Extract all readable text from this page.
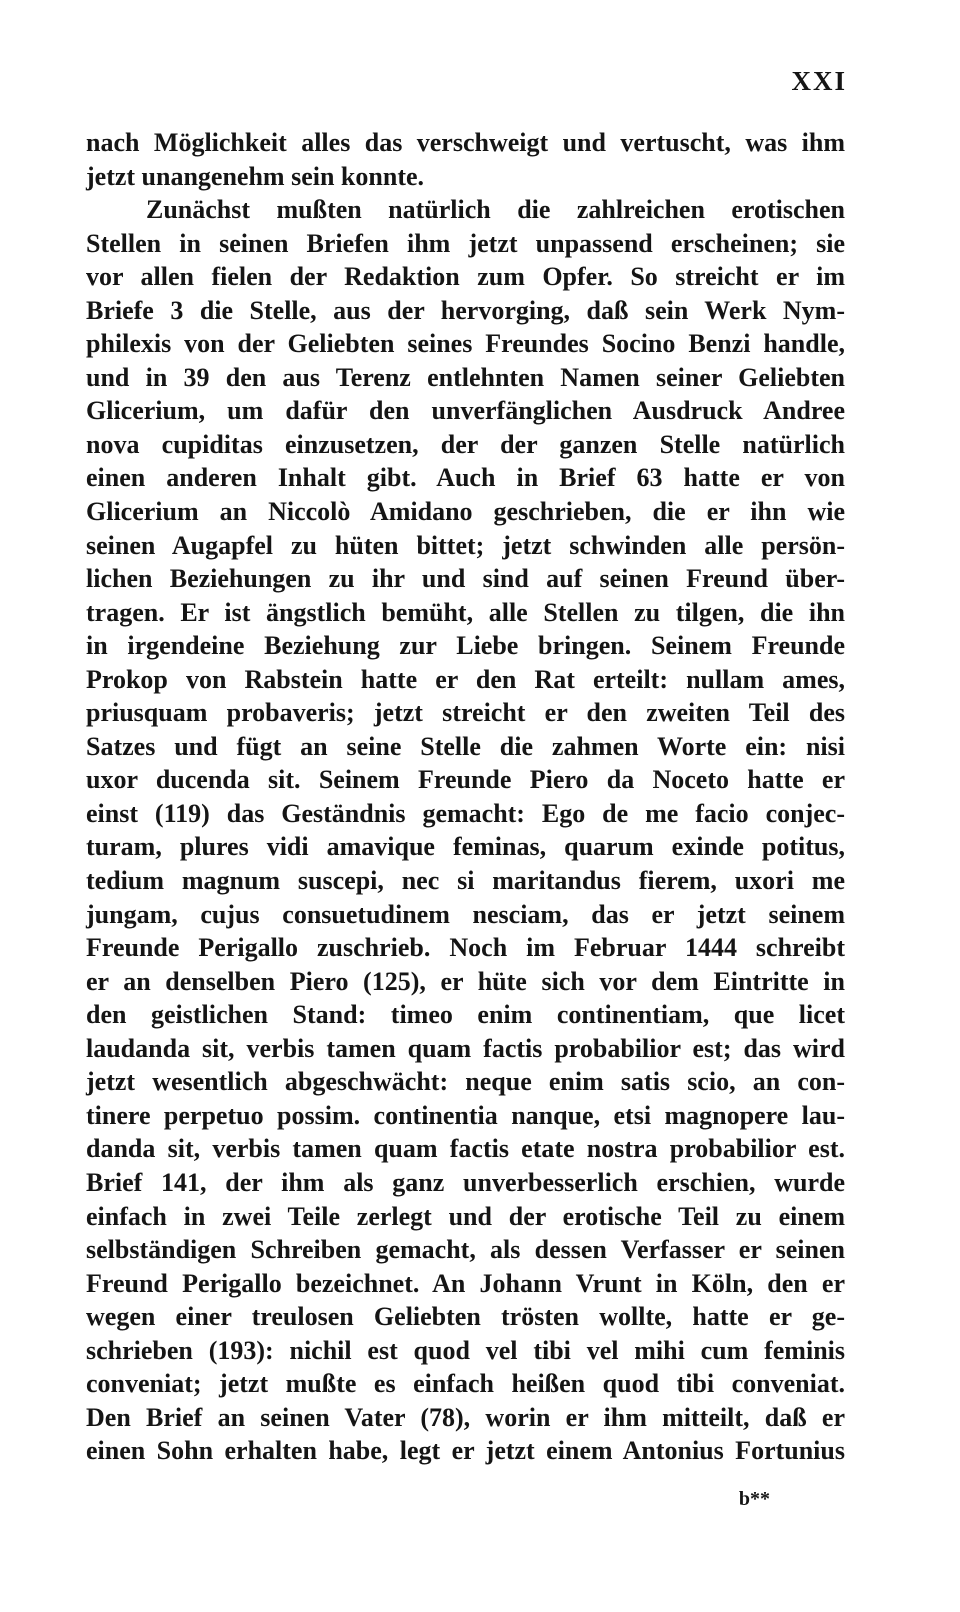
XXI
nach Möglichkeit alles das verschweigt und vertuscht, was ihm
jetzt unangenehm sein konnte.
Zunächst mußten natürlich die zahlreichen erotischen
Stellen in seinen Briefen ihm jetzt unpassend erscheinen; sie
vor allen fielen der Redaktion zum Opfer. So streicht er im
Briefe 3 die Stelle, aus der hervorging, daß sein Werk Nym-
philexis von der Geliebten seines Freundes Socino Benzi handle,
und in 39 den aus Terenz entlehnten Namen seiner Geliebten
Glicerium, um dafür den unverfänglichen Ausdruck Andree
nova cupiditas einzusetzen, der der ganzen Stelle natürlich
einen anderen Inhalt gibt. Auch in Brief 63 hatte er von
Glicerium an Niccolò Amidano geschrieben, die er ihn wie
seinen Augapfel zu hüten bittet; jetzt schwinden alle persön-
lichen Beziehungen zu ihr und sind auf seinen Freund über-
tragen. Er ist ängstlich bemüht, alle Stellen zu tilgen, die ihn
in irgendeine Beziehung zur Liebe bringen. Seinem Freunde
Prokop von Rabstein hatte er den Rat erteilt: nullam ames,
priusquam probaveris; jetzt streicht er den zweiten Teil des
Satzes und fügt an seine Stelle die zahmen Worte ein: nisi
uxor ducenda sit. Seinem Freunde Piero da Noceto hatte er
einst (119) das Geständnis gemacht: Ego de me facio conjec-
turam, plures vidi amavique feminas, quarum exinde potitus,
tedium magnum suscepi, nec si maritandus fierem, uxori me
jungam, cujus consuetudinem nesciam, das er jetzt seinem
Freunde Perigallo zuschrieb. Noch im Februar 1444 schreibt
er an denselben Piero (125), er hüte sich vor dem Eintritte in
den geistlichen Stand: timeo enim continentiam, que licet
laudanda sit, verbis tamen quam factis probabilior est; das wird
jetzt wesentlich abgeschwächt: neque enim satis scio, an con-
tinere perpetuo possim. continentia nanque, etsi magnopere lau-
danda sit, verbis tamen quam factis etate nostra probabilior est.
Brief 141, der ihm als ganz unverbesserlich erschien, wurde
einfach in zwei Teile zerlegt und der erotische Teil zu einem
selbständigen Schreiben gemacht, als dessen Verfasser er seinen
Freund Perigallo bezeichnet. An Johann Vrunt in Köln, den er
wegen einer treulosen Geliebten trösten wollte, hatte er ge-
schrieben (193): nichil est quod vel tibi vel mihi cum feminis
conveniat; jetzt mußte es einfach heißen quod tibi conveniat.
Den Brief an seinen Vater (78), worin er ihm mitteilt, daß er
einen Sohn erhalten habe, legt er jetzt einem Antonius Fortunius
b**
